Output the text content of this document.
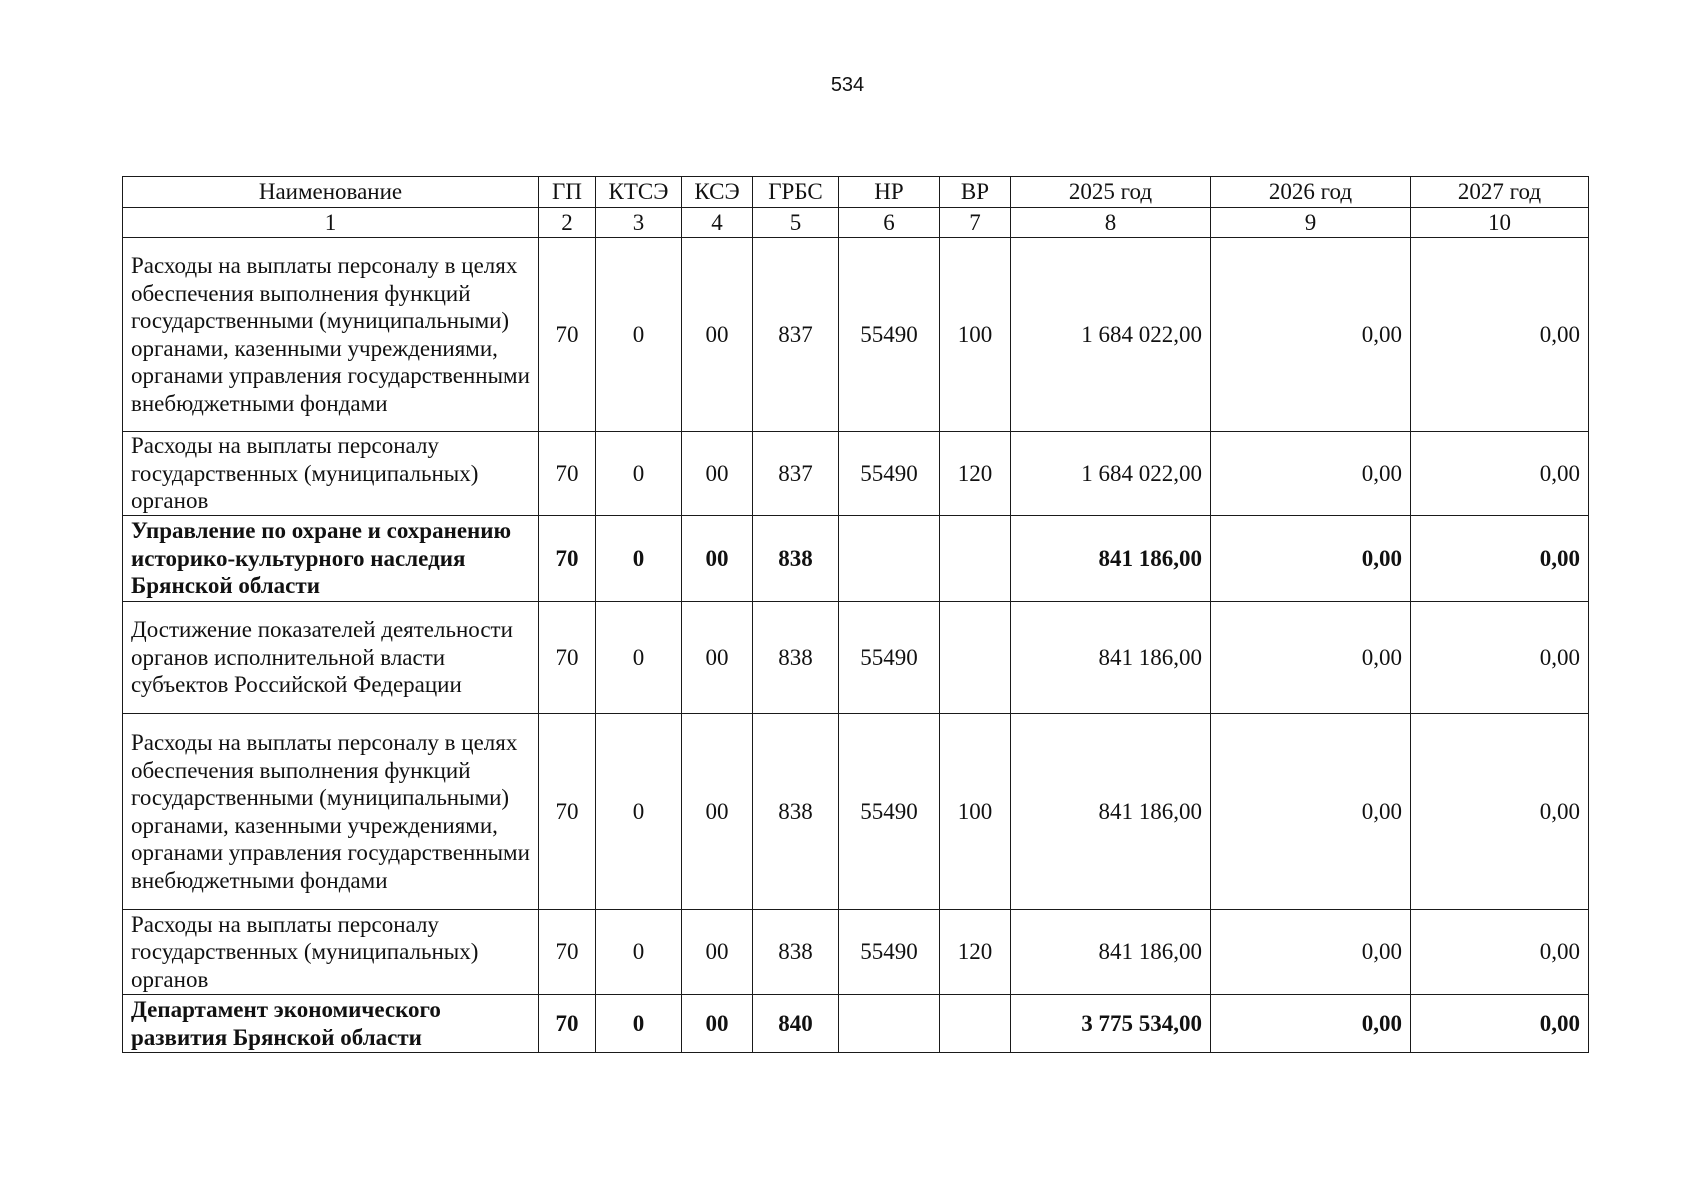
534
Наименование	ГП	КТСЭ	КСЭ	ГРБС	НР	ВР	2025 год	2026 год	2027 год
1	2	3	4	5	6	7	8	9	10
Расходы на выплаты персоналу в целях обеспечения выполнения функций государственными (муниципальными) органами, казенными учреждениями, органами управления государственными внебюджетными фондами	70	0	00	837	55490	100	1 684 022,00	0,00	0,00
Расходы на выплаты персоналу государственных (муниципальных) органов	70	0	00	837	55490	120	1 684 022,00	0,00	0,00
Управление по охране и сохранению историко-культурного наследия Брянской области	70	0	00	838			841 186,00	0,00	0,00
Достижение показателей деятельности органов исполнительной власти субъектов Российской Федерации	70	0	00	838	55490		841 186,00	0,00	0,00
Расходы на выплаты персоналу в целях обеспечения выполнения функций государственными (муниципальными) органами, казенными учреждениями, органами управления государственными внебюджетными фондами	70	0	00	838	55490	100	841 186,00	0,00	0,00
Расходы на выплаты персоналу государственных (муниципальных) органов	70	0	00	838	55490	120	841 186,00	0,00	0,00
Департамент экономического развития Брянской области	70	0	00	840			3 775 534,00	0,00	0,00
